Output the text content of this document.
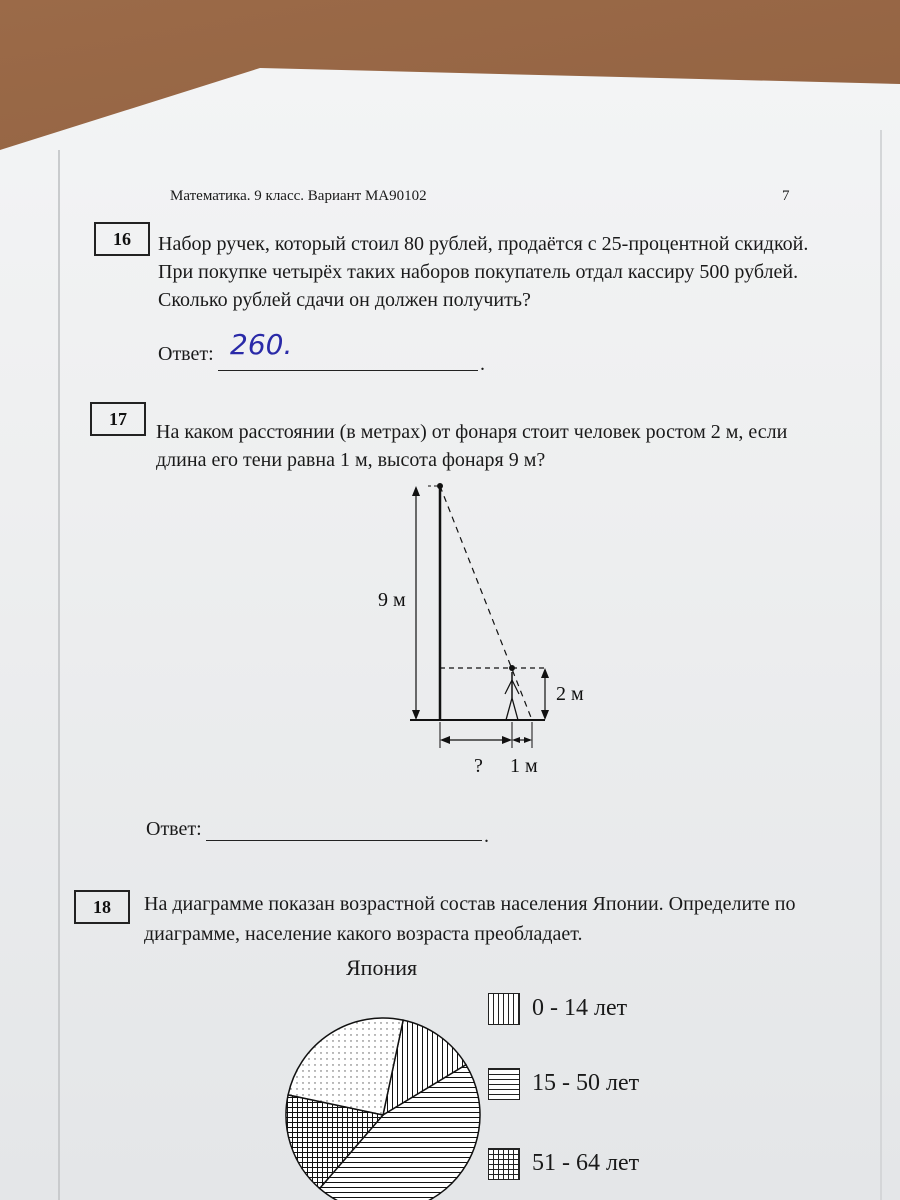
Математика. 9 класс. Вариант МА90102	7
16	Набор ручек, который стоил 80 рублей, продаётся с 25-процентной скидкой.
При покупке четырёх таких наборов покупатель отдал кассиру 500 рублей.
Сколько рублей сдачи он должен получить?
Ответ: 260.
.
17
На каком расстоянии (в метрах) от фонаря стоит человек ростом 2 м, если
длина его тени равна 1 м, высота фонаря 9 м?
9 м
2 м
? 1 м
Ответ:	.
18	На диаграмме показан возрастной состав населения Японии. Определите по
диаграмме, население какого возраста преобладает.
Япония
0 - 14 лет
15 - 50 лет
51 - 64 лет
